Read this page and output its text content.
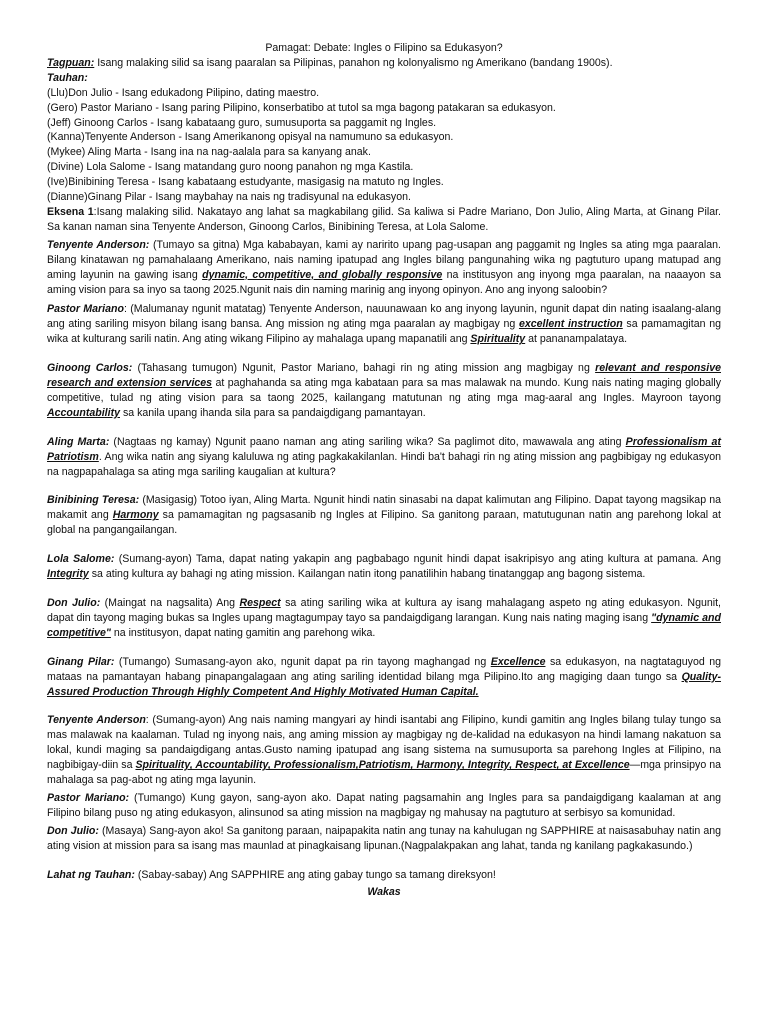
Pamagat: Debate: Ingles o Filipino sa Edukasyon?
Tagpuan: Isang malaking silid sa isang paaralan sa Pilipinas, panahon ng kolonyalismo ng Amerikano (bandang 1900s).
Tauhan:
(Llu)Don Julio - Isang edukadong Pilipino, dating maestro.
(Gero) Pastor Mariano - Isang paring Pilipino, konserbatibo at tutol sa mga bagong patakaran sa edukasyon.
(Jeff) Ginoong Carlos - Isang kabataang guro, sumusuporta sa paggamit ng Ingles.
(Kanna)Tenyente Anderson - Isang Amerikanong opisyal na namumuno sa edukasyon.
(Mykee) Aling Marta - Isang ina na nag-aalala para sa kanyang anak.
(Divine) Lola Salome - Isang matandang guro noong panahon ng mga Kastila.
(Ive)Binibining Teresa - Isang kabataang estudyante, masigasig na matuto ng Ingles.
(Dianne)Ginang Pilar - Isang maybahay na nais ng tradisyunal na edukasyon.
Eksena 1:Isang malaking silid. Nakatayo ang lahat sa magkabilang gilid. Sa kaliwa si Padre Mariano, Don Julio, Aling Marta, at Ginang Pilar. Sa kanan naman sina Tenyente Anderson, Ginoong Carlos, Binibining Teresa, at Lola Salome.
Tenyente Anderson: (Tumayo sa gitna) Mga kababayan, kami ay naririto upang pag-usapan ang paggamit ng Ingles sa ating mga paaralan. Bilang kinatawan ng pamahalaang Amerikano, nais naming ipatupad ang Ingles bilang pangunahing wika ng pagtuturo upang matupad ang aming layunin na gawing isang dynamic, competitive, and globally responsive na institusyon ang inyong mga paaralan, na naaayon sa aming vision para sa inyo sa taong 2025.Ngunit nais din naming marinig ang inyong opinyon. Ano ang inyong saloobin?
Pastor Mariano: (Malumanay ngunit matatag) Tenyente Anderson, nauunawaan ko ang inyong layunin, ngunit dapat din nating isaalang-alang ang ating sariling misyon bilang isang bansa. Ang mission ng ating mga paaralan ay magbigay ng excellent instruction sa pamamagitan ng wika at kulturang sarili natin. Ang ating wikang Filipino ay mahalaga upang mapanatili ang Spirituality at pananampalataya.
Ginoong Carlos: (Tahasang tumugon) Ngunit, Pastor Mariano, bahagi rin ng ating mission ang magbigay ng relevant and responsive research and extension services at paghahanda sa ating mga kabataan para sa mas malawak na mundo. Kung nais nating maging globally competitive, tulad ng ating vision para sa taong 2025, kailangang matutunan ng ating mga mag-aaral ang Ingles. Mayroon tayong Accountability sa kanila upang ihanda sila para sa pandaigdigang pamantayan.
Aling Marta: (Nagtaas ng kamay) Ngunit paano naman ang ating sariling wika? Sa paglimot dito, mawawala ang ating Professionalism at Patriotism. Ang wika natin ang siyang kaluluwa ng ating pagkakakilanlan. Hindi ba't bahagi rin ng ating mission ang pagbibigay ng edukasyon na nagpapahalaga sa ating mga sariling kaugalian at kultura?
Binibining Teresa: (Masigasig) Totoo iyan, Aling Marta. Ngunit hindi natin sinasabi na dapat kalimutan ang Filipino. Dapat tayong magsikap na makamit ang Harmony sa pamamagitan ng pagsasanib ng Ingles at Filipino. Sa ganitong paraan, matutugunan natin ang parehong lokal at global na pangangailangan.
Lola Salome: (Sumang-ayon) Tama, dapat nating yakapin ang pagbabago ngunit hindi dapat isakripisyo ang ating kultura at pamana. Ang Integrity sa ating kultura ay bahagi ng ating mission. Kailangan natin itong panatilihin habang tinatanggap ang bagong sistema.
Don Julio: (Maingat na nagsalita) Ang Respect sa ating sariling wika at kultura ay isang mahalagang aspeto ng ating edukasyon. Ngunit, dapat din tayong maging bukas sa Ingles upang magtagumpay tayo sa pandaigdigang larangan. Kung nais nating maging isang "dynamic and competitive" na institusyon, dapat nating gamitin ang parehong wika.
Ginang Pilar: (Tumango) Sumasang-ayon ako, ngunit dapat pa rin tayong maghangad ng Excellence sa edukasyon, na nagtataguyod ng mataas na pamantayan habang pinapangalagaan ang ating sariling identidad bilang mga Pilipino.Ito ang magiging daan tungo sa Quality-Assured Production Through Highly Competent And Highly Motivated Human Capital.
Tenyente Anderson: (Sumang-ayon) Ang nais naming mangyari ay hindi isantabi ang Filipino, kundi gamitin ang Ingles bilang tulay tungo sa mas malawak na kaalaman. Tulad ng inyong nais, ang aming mission ay magbigay ng de-kalidad na edukasyon na hindi lamang nakatuon sa lokal, kundi maging sa pandaigdigang antas.Gusto naming ipatupad ang isang sistema na sumusuporta sa parehong Ingles at Filipino, na nagbibigay-diin sa Spirituality, Accountability, Professionalism,Patriotism, Harmony, Integrity, Respect, at Excellence—mga prinsipyo na mahalaga sa pag-abot ng ating mga layunin.
Pastor Mariano: (Tumango) Kung gayon, sang-ayon ako. Dapat nating pagsamahin ang Ingles para sa pandaigdigang kaalaman at ang Filipino bilang puso ng ating edukasyon, alinsunod sa ating mission na magbigay ng mahusay na pagtuturo at serbisyo sa komunidad.
Don Julio: (Masaya) Sang-ayon ako! Sa ganitong paraan, naipapakita natin ang tunay na kahulugan ng SAPPHIRE at naisasabuhay natin ang ating vision at mission para sa isang mas maunlad at pinagkaisang lipunan.(Nagpalakpakan ang lahat, tanda ng kanilang pagkakasundo.)
Lahat ng Tauhan: (Sabay-sabay) Ang SAPPHIRE ang ating gabay tungo sa tamang direksyon!
Wakas
